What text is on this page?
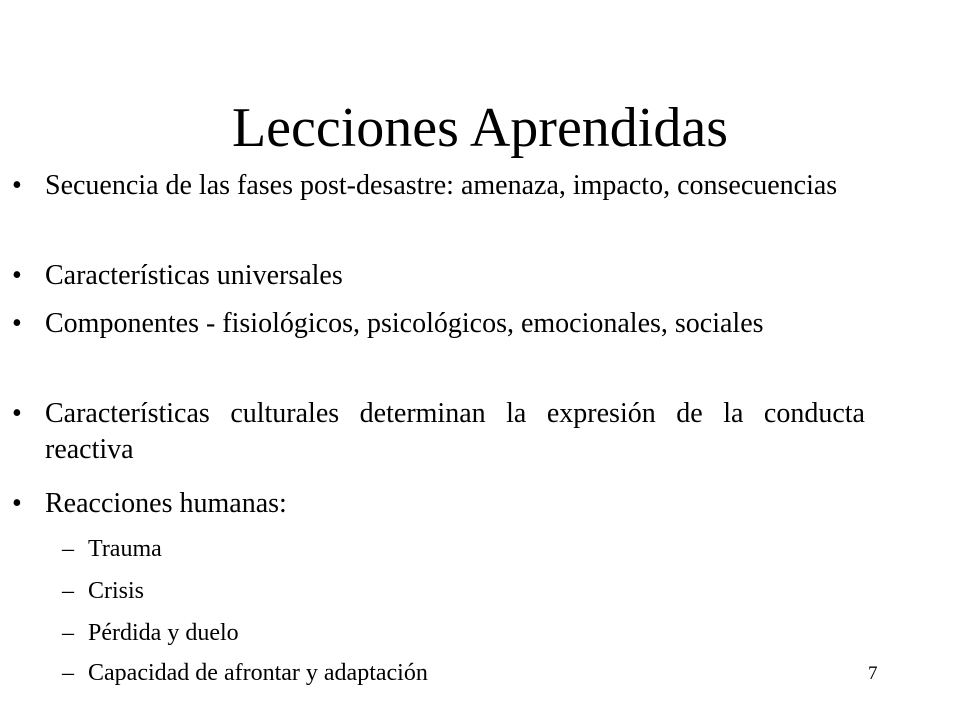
Lecciones Aprendidas
• Secuencia de las fases post-desastre: amenaza, impacto, consecuencias
• Características universales
• Componentes - fisiológicos, psicológicos, emocionales, sociales
• Características culturales determinan la expresión de la conducta reactiva
• Reacciones humanas:
– Trauma
– Crisis
– Pérdida y duelo
– Capacidad de afrontar y adaptación	7
